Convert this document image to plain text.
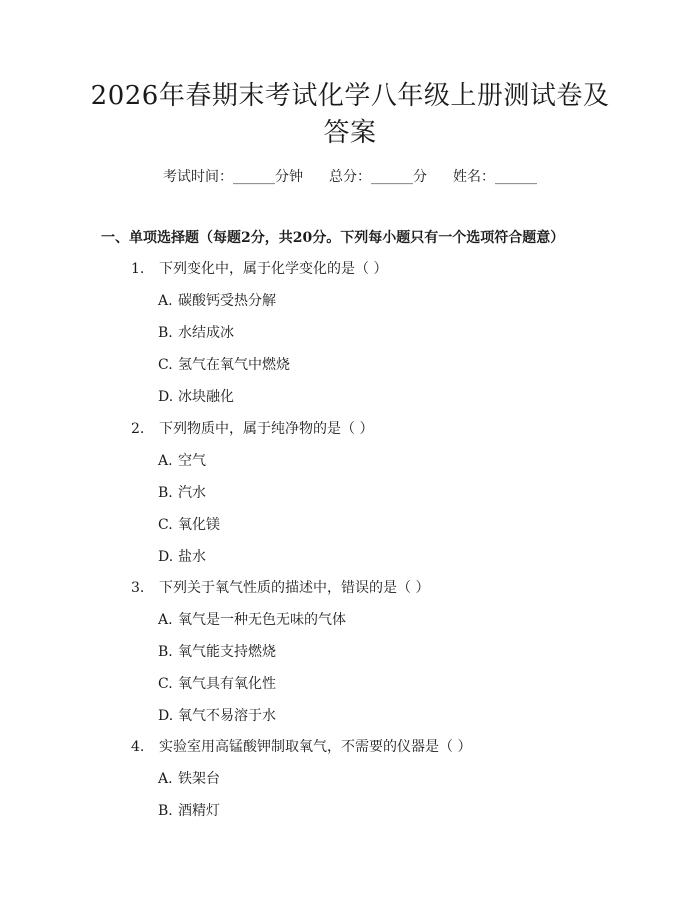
2026年春期末考试化学八年级上册测试卷及答案
考试时间：______分钟 总分：______分 姓名：______
一、单项选择题（每题2分，共20分。下列每小题只有一个选项符合题意）
1. 下列变化中，属于化学变化的是（ ）
A. 碳酸钙受热分解
B. 水结成冰
C. 氢气在氧气中燃烧
D. 冰块融化
2. 下列物质中，属于纯净物的是（ ）
A. 空气
B. 汽水
C. 氧化镁
D. 盐水
3. 下列关于氧气性质的描述中，错误的是（ ）
A. 氧气是一种无色无味的气体
B. 氧气能支持燃烧
C. 氧气具有氧化性
D. 氧气不易溶于水
4. 实验室用高锰酸钾制取氧气，不需要的仪器是（ ）
A. 铁架台
B. 酒精灯
